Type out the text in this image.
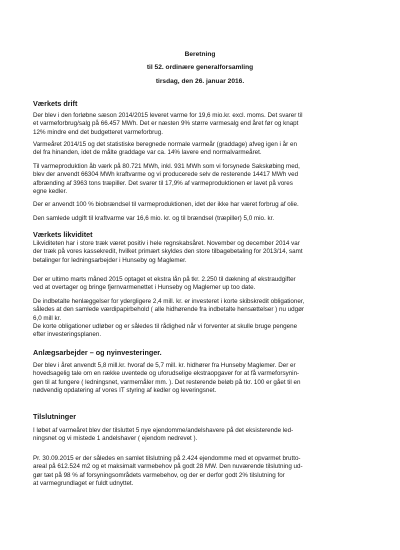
Beretning
til 52. ordinære generalforsamling
tirsdag, den 26. januar 2016.
Værkets drift

Der blev i den forløbne sæson 2014/2015 leveret varme for 19,6 mio.kr. excl. moms. Det svarer til
et varmeforbrug/salg på 66.457 MWh. Det er næsten 9% større varmesalg end året før og knapt
12% mindre end det budgetteret varmeforbrug.

Varmeåret 2014/15 og det statistiske beregnede normale varmeår (graddage) afveg igen i år en
del fra hinanden, idet de målte graddage var ca. 14% lavere end normalvarmeåret.

Til varmeproduktion åb værk på 80.721 MWh, inkl. 931 MWh som vi forsynede Sakskøbing med,
blev der anvendt 66304 MWh kraftvarme og vi producerede selv de resterende 14417 MWh ved
afbrænding af 3963 tons træpiller. Det svarer til 17,9% af varmeproduktionen er lavet på vores
egne kedler.

Der er anvendt 100 % biobrændsel til varmeproduktionen, idet der ikke har været forbrug af olie.

Den samlede udgift til kraftvarme var 16,6 mio. kr. og til brændsel (træpiller) 5,0 mio. kr.

Værkets likviditet

Likviditeten har i store træk været positiv i hele regnskabsåret. November og december 2014 var
der træk på vores kassekredit, hvilket primært skyldes den store tilbagebetaling for 2013/14, samt
betalinger for ledningsarbejder i Hunseby og Maglemer.

Der er ultimo marts måned 2015 optaget et ekstra lån på tkr. 2.250 til dækning af ekstraudgifter
ved at overtager og bringe fjernvarmenettet i Hunseby og Maglemer up too date.

De indbetalte henlæggelser for ydergligere 2,4 mill. kr. er investeret i korte skibskredit obligationer,
således at den samlede værdipapirbehold ( alle hidhørende fra indbetalte hensættelser ) nu udgør
6,0 mill kr.
De korte obligationer udløber og er således til rådighed når vi forventer at skulle bruge pengene
efter investeringsplanen.

Anlægsarbejder – og nyinvesteringer.

Der blev i året anvendt 5,8 mill.kr. hvoraf de 5,7 mill. kr. hidhører fra Hunseby Maglemer. Der er
hovedsagelig tale om en række uventede og uforudselige ekstraopgaver for at få varmeforsynin-
gen til at fungere ( ledningsnet, varmemåler mm. ). Det resterende beløb på tkr. 100 er gået til en
nødvendig opdatering af vores IT styring af kedler og leveringsnet.

Tilslutninger

I løbet af varmeåret blev der tilsluttet 5 nye ejendomme/andelshavere på det eksisterende led-
ningsnet og vi mistede 1 andelshaver ( ejendom nedrevet ).

Pr. 30.09.2015 er der således en samlet tilslutning på 2.424 ejendomme med et opvarmet brutto-
areal på 612.524 m2 og et maksimalt varmebehov på godt 28 MW. Den nuværende tilslutning ud-
gør tæt på 98 % af forsyningsområdets varmebehov, og der er derfor godt 2% tilslutning for
at varmegrundlaget er fuldt udnyttet.
